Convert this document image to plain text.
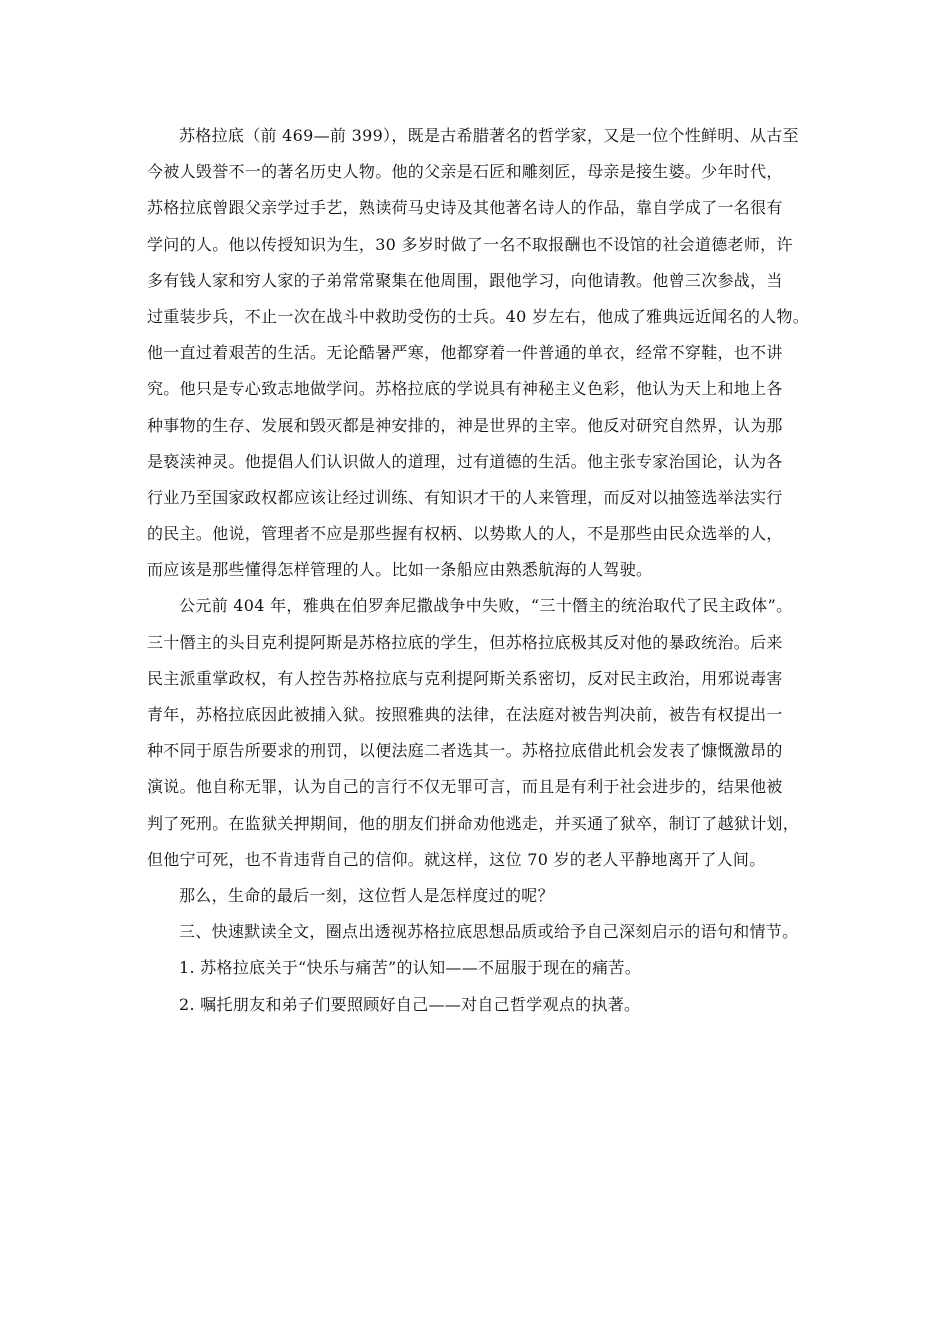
苏格拉底（前 469—前 399），既是古希腊著名的哲学家，又是一位个性鲜明、从古至
今被人毁誉不一的著名历史人物。他的父亲是石匠和雕刻匠，母亲是接生婆。少年时代，
苏格拉底曾跟父亲学过手艺，熟读荷马史诗及其他著名诗人的作品，靠自学成了一名很有
学问的人。他以传授知识为生，30 多岁时做了一名不取报酬也不设馆的社会道德老师，许
多有钱人家和穷人家的子弟常常聚集在他周围，跟他学习，向他请教。他曾三次参战，当
过重装步兵，不止一次在战斗中救助受伤的士兵。40 岁左右，他成了雅典远近闻名的人物。
他一直过着艰苦的生活。无论酷暑严寒，他都穿着一件普通的单衣，经常不穿鞋，也不讲
究。他只是专心致志地做学问。苏格拉底的学说具有神秘主义色彩，他认为天上和地上各
种事物的生存、发展和毁灭都是神安排的，神是世界的主宰。他反对研究自然界，认为那
是亵渎神灵。他提倡人们认识做人的道理，过有道德的生活。他主张专家治国论，认为各
行业乃至国家政权都应该让经过训练、有知识才干的人来管理，而反对以抽签选举法实行
的民主。他说，管理者不应是那些握有权柄、以势欺人的人，不是那些由民众选举的人，
而应该是那些懂得怎样管理的人。比如一条船应由熟悉航海的人驾驶。
公元前 404 年，雅典在伯罗奔尼撒战争中失败，“三十僭主的统治取代了民主政体”。
三十僭主的头目克利提阿斯是苏格拉底的学生，但苏格拉底极其反对他的暴政统治。后来
民主派重掌政权，有人控告苏格拉底与克利提阿斯关系密切，反对民主政治，用邪说毒害
青年，苏格拉底因此被捕入狱。按照雅典的法律，在法庭对被告判决前，被告有权提出一
种不同于原告所要求的刑罚，以便法庭二者选其一。苏格拉底借此机会发表了慷慨激昂的
演说。他自称无罪，认为自己的言行不仅无罪可言，而且是有利于社会进步的，结果他被
判了死刑。在监狱关押期间，他的朋友们拼命劝他逃走，并买通了狱卒，制订了越狱计划，
但他宁可死，也不肯违背自己的信仰。就这样，这位 70 岁的老人平静地离开了人间。
那么，生命的最后一刻，这位哲人是怎样度过的呢？
三、快速默读全文，圈点出透视苏格拉底思想品质或给予自己深刻启示的语句和情节。
1. 苏格拉底关于“快乐与痛苦”的认知——不屈服于现在的痛苦。
2. 嘱托朋友和弟子们要照顾好自己——对自己哲学观点的执著。
